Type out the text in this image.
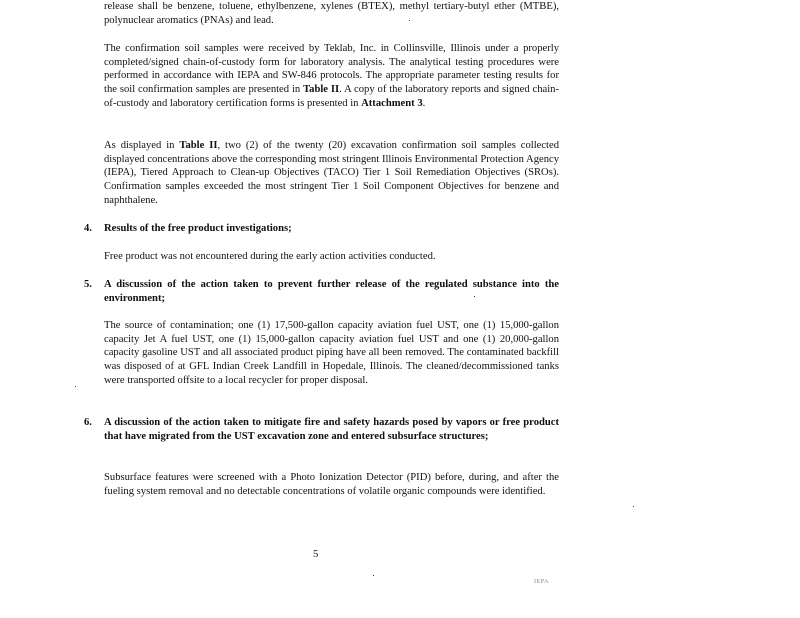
release shall be benzene, toluene, ethylbenzene, xylenes (BTEX), methyl tertiary-butyl ether (MTBE), polynuclear aromatics (PNAs) and lead.

The confirmation soil samples were received by Teklab, Inc. in Collinsville, Illinois under a properly completed/signed chain-of-custody form for laboratory analysis. The analytical testing procedures were performed in accordance with IEPA and SW-846 protocols. The appropriate parameter testing results for the soil confirmation samples are presented in Table II. A copy of the laboratory reports and signed chain-of-custody and laboratory certification forms is presented in Attachment 3.

As displayed in Table II, two (2) of the twenty (20) excavation confirmation soil samples collected displayed concentrations above the corresponding most stringent Illinois Environmental Protection Agency (IEPA), Tiered Approach to Clean-up Objectives (TACO) Tier 1 Soil Remediation Objectives (SROs). Confirmation samples exceeded the most stringent Tier 1 Soil Component Objectives for benzene and naphthalene.

4.	Results of the free product investigations;

Free product was not encountered during the early action activities conducted.

5.	A discussion of the action taken to prevent further release of the regulated substance into the environment;

The source of contamination; one (1) 17,500-gallon capacity aviation fuel UST, one (1) 15,000-gallon capacity Jet A fuel UST, one (1) 15,000-gallon capacity aviation fuel UST and one (1) 20,000-gallon capacity gasoline UST and all associated product piping have all been removed. The contaminated backfill was disposed of at GFL Indian Creek Landfill in Hopedale, Illinois. The cleaned/decommissioned tanks were transported offsite to a local recycler for proper disposal.

6.	A discussion of the action taken to mitigate fire and safety hazards posed by vapors or free product that have migrated from the UST excavation zone and entered subsurface structures;

Subsurface features were screened with a Photo Ionization Detector (PID) before, during, and after the fueling system removal and no detectable concentrations of volatile organic compounds were identified.

5
IEPA
